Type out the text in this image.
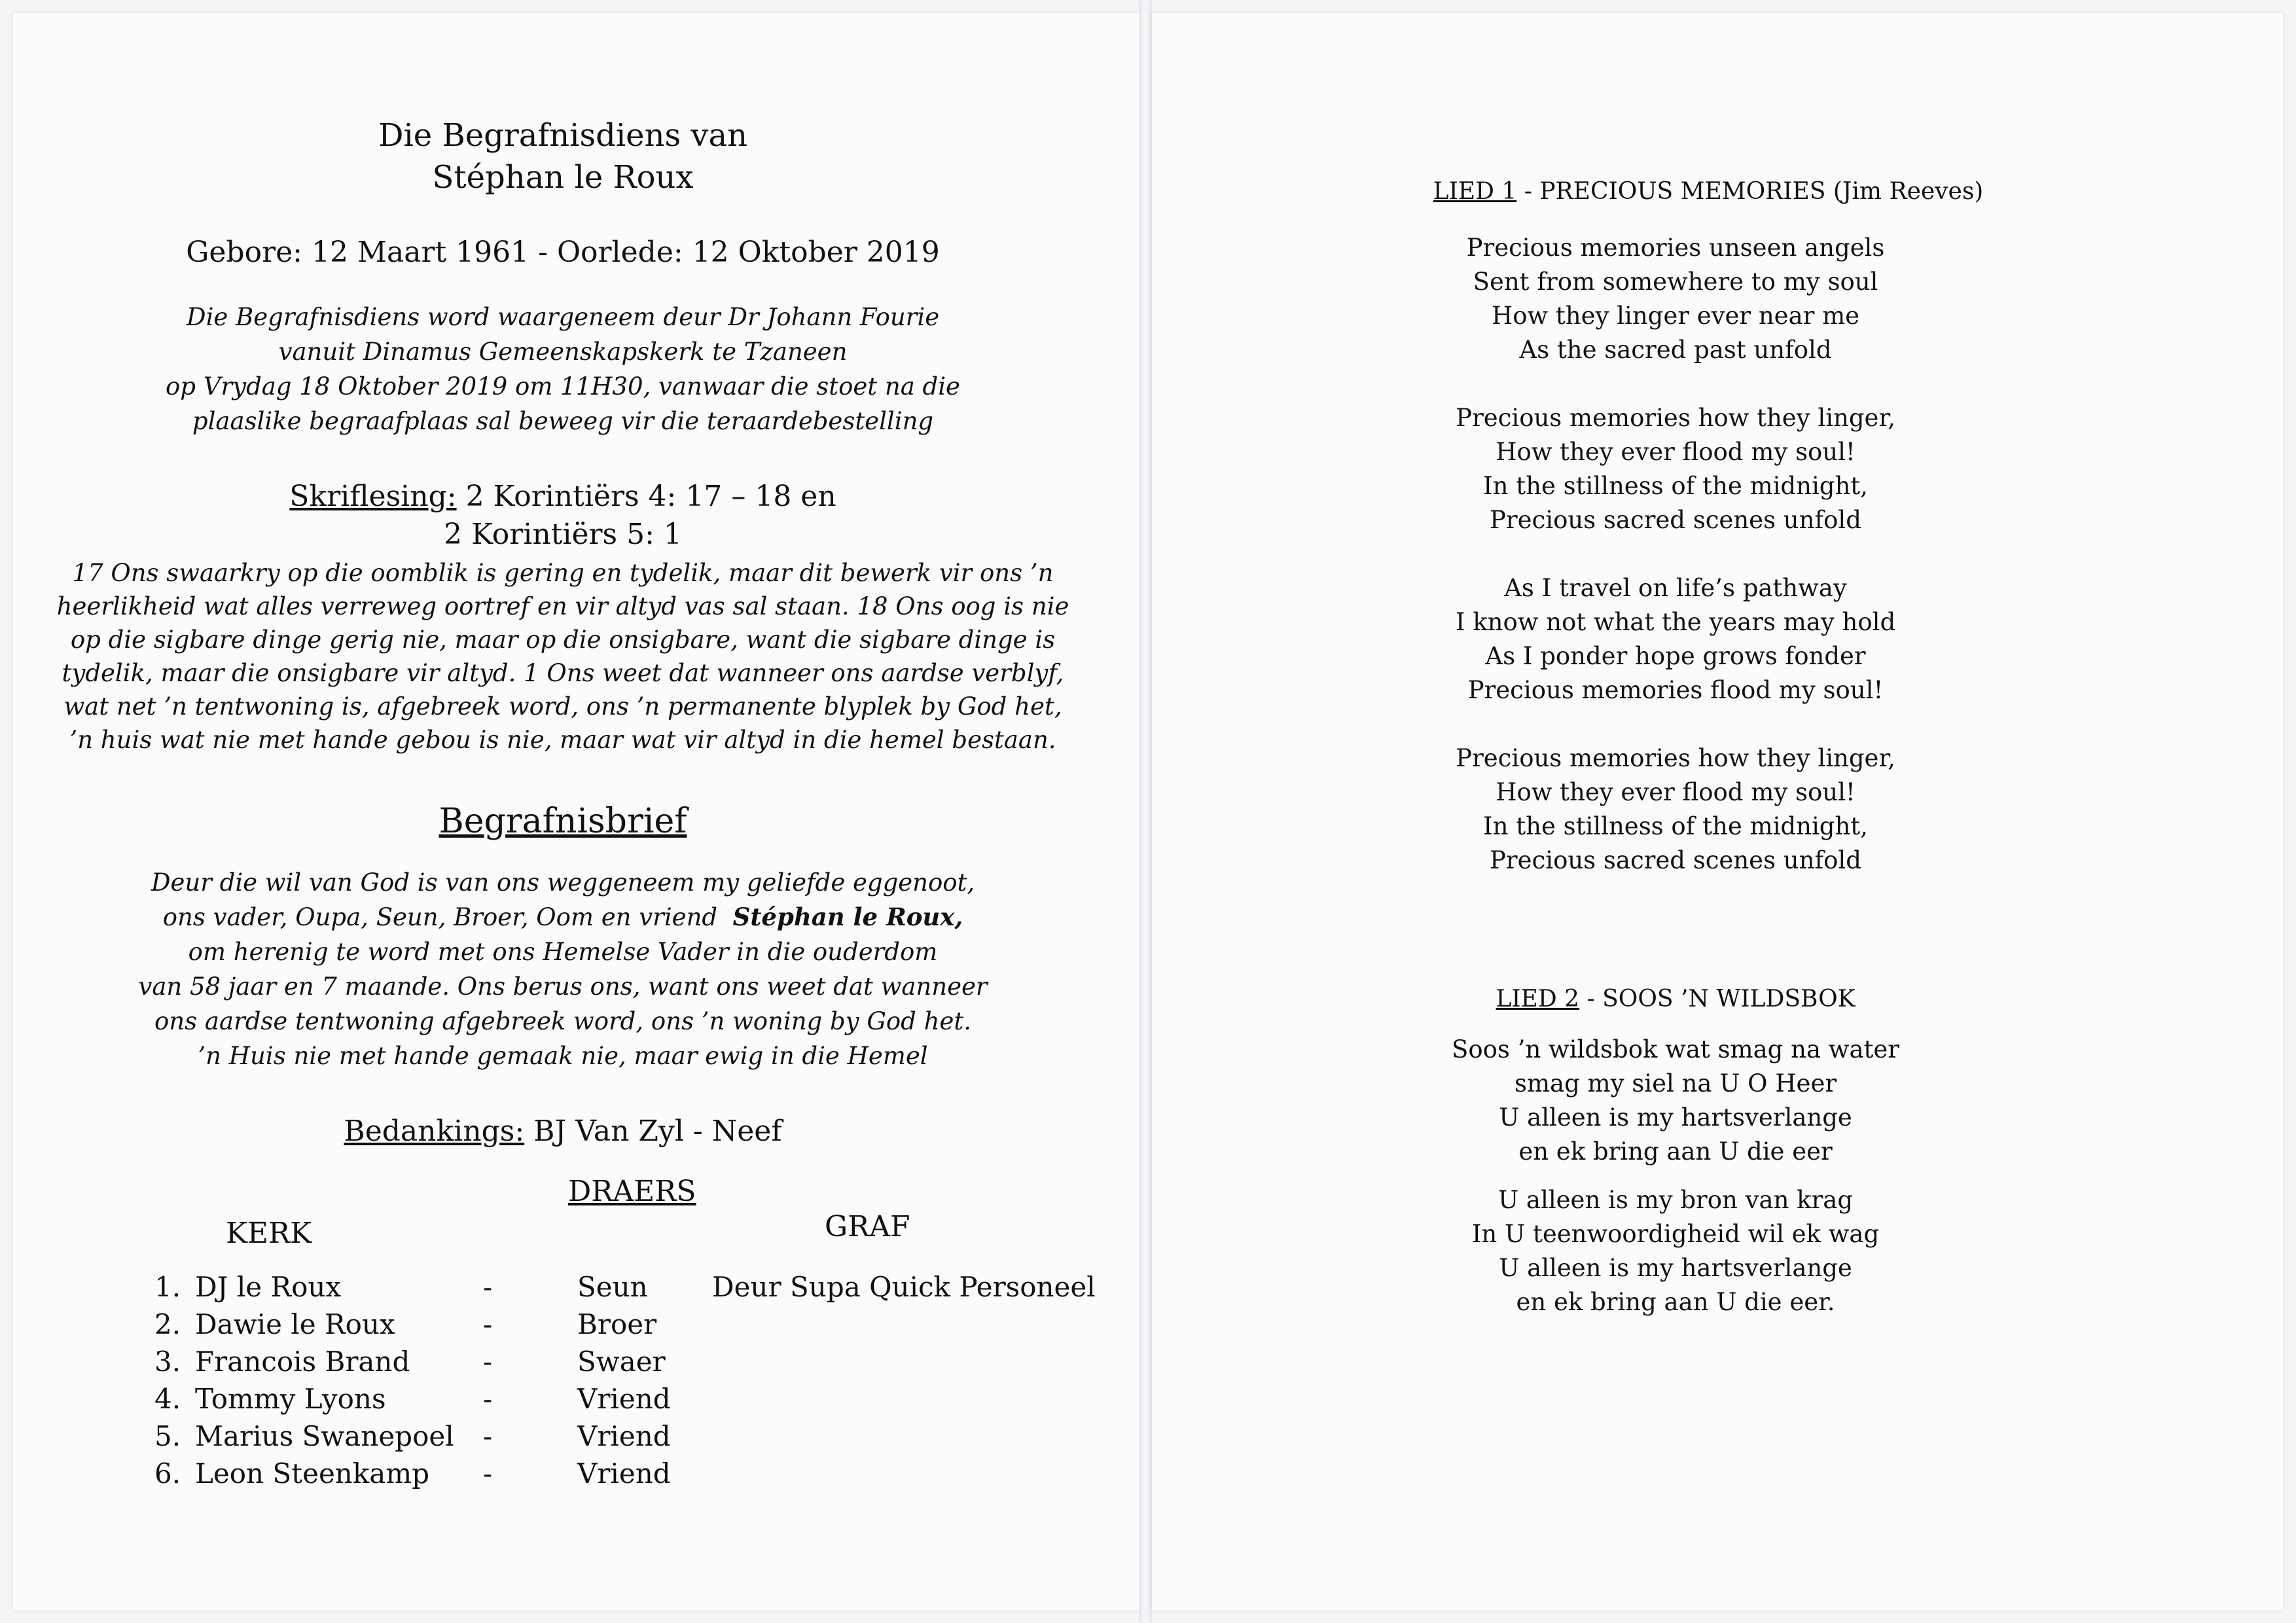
Die Begrafnisdiens van
Stéphan le Roux
Gebore: 12 Maart 1961 - Oorlede: 12 Oktober 2019
Die Begrafnisdiens word waargeneem deur Dr Johann Fourie
vanuit Dinamus Gemeenskapskerk te Tzaneen
op Vrydag 18 Oktober 2019 om 11H30, vanwaar die stoet na die
plaaslike begraafplaas sal beweeg vir die teraardebestelling
Skriflesing: 2 Korintiërs 4: 17 – 18 en
2 Korintiërs 5: 1
17 Ons swaarkry op die oomblik is gering en tydelik, maar dit bewerk vir ons ’n
heerlikheid wat alles verreweg oortref en vir altyd vas sal staan. 18 Ons oog is nie
op die sigbare dinge gerig nie, maar op die onsigbare, want die sigbare dinge is
tydelik, maar die onsigbare vir altyd. 1 Ons weet dat wanneer ons aardse verblyf,
wat net ’n tentwoning is, afgebreek word, ons ’n permanente blyplek by God het,
’n huis wat nie met hande gebou is nie, maar wat vir altyd in die hemel bestaan.
Begrafnisbrief
Deur die wil van God is van ons weggeneem my geliefde eggenoot,
ons vader, Oupa, Seun, Broer, Oom en vriend Stéphan le Roux,
om herenig te word met ons Hemelse Vader in die ouderdom
van 58 jaar en 7 maande. Ons berus ons, want ons weet dat wanneer
ons aardse tentwoning afgebreek word, ons ’n woning by God het.
’n Huis nie met hande gemaak nie, maar ewig in die Hemel
Bedankings: BJ Van Zyl - Neef
DRAERS
KERK	GRAF
Deur Supa Quick Personeel
1. DJ le Roux	-	Seun
2. Dawie le Roux	-	Broer
3. Francois Brand	-	Swaer
4. Tommy Lyons	-	Vriend
5. Marius Swanepoel -	Vriend
6. Leon Steenkamp -	Vriend
LIED 1 - PRECIOUS MEMORIES (Jim Reeves)
Precious memories unseen angels
Sent from somewhere to my soul
How they linger ever near me
As the sacred past unfold
Precious memories how they linger,
How they ever flood my soul!
In the stillness of the midnight,
Precious sacred scenes unfold
As I travel on life’s pathway
I know not what the years may hold
As I ponder hope grows fonder
Precious memories flood my soul!
Precious memories how they linger,
How they ever flood my soul!
In the stillness of the midnight,
Precious sacred scenes unfold
LIED 2 - SOOS ’N WILDSBOK
Soos ’n wildsbok wat smag na water
smag my siel na U O Heer
U alleen is my hartsverlange
en ek bring aan U die eer
U alleen is my bron van krag
In U teenwoordigheid wil ek wag
U alleen is my hartsverlange
en ek bring aan U die eer.
